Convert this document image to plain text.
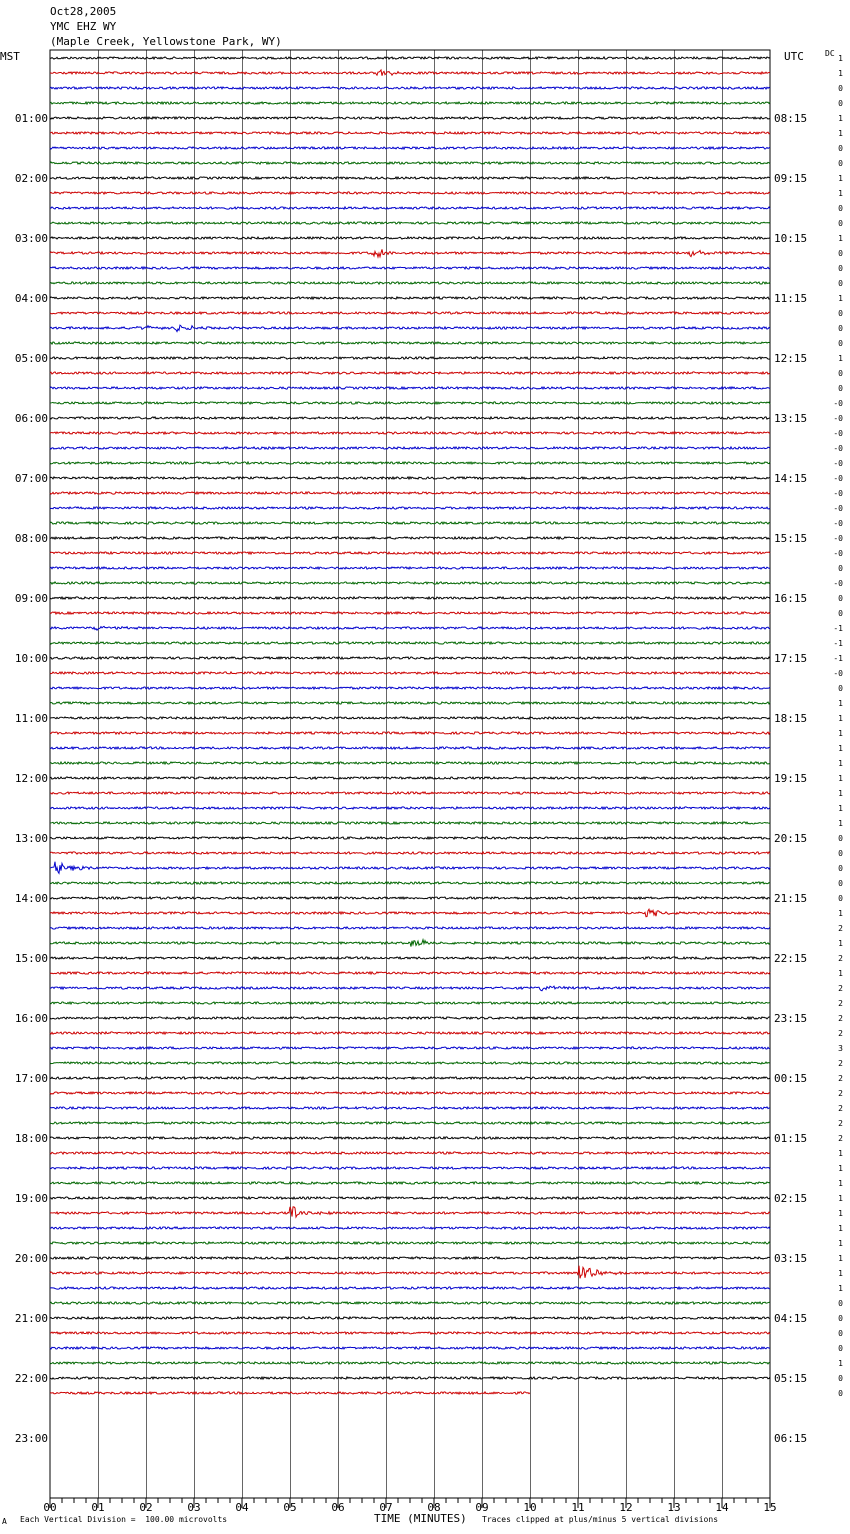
Oct28,2005
YMC EHZ WY
(Maple Creek, Yellowstone Park, WY)
MST	UTC	DC
00	01	02	03	04	05	06	07	08	09	10	11	12	13	14	15
1
1
0
0
1
1
0
0
1
1
0
0
1
0
0
0
1
0
0
0
1
0
0
-0
-0
-0
-0
-0
-0
-0
-0
-0
-0
-0
0
-0
0
0
-1
-1
-1
-0
0
1
1
1
1
1
1
1
1
1
0
0
0
0
0
1
2
1
2
1
2
2
2
2
3
2
2
2
2
2
2
1
1
1
1
1
1
1
1
1
1
0
0
0
0
1
0
0
01:00
02:00
03:00
04:00
05:00
06:00
07:00
08:00
09:00
10:00
11:00
12:00
13:00
14:00
15:00
16:00
17:00
18:00
19:00
20:00
21:00
22:00
23:00
08:15
09:15
10:15
11:15
12:15
13:15
14:15
15:15
16:15
17:15
18:15
19:15
20:15
21:15
22:15
23:15
00:15
01:15
02:15
03:15
04:15
05:15
06:15
TIME (MINUTES)
A Each Vertical Division =  100.00 microvolts	Traces clipped at plus/minus 5 vertical divisions
